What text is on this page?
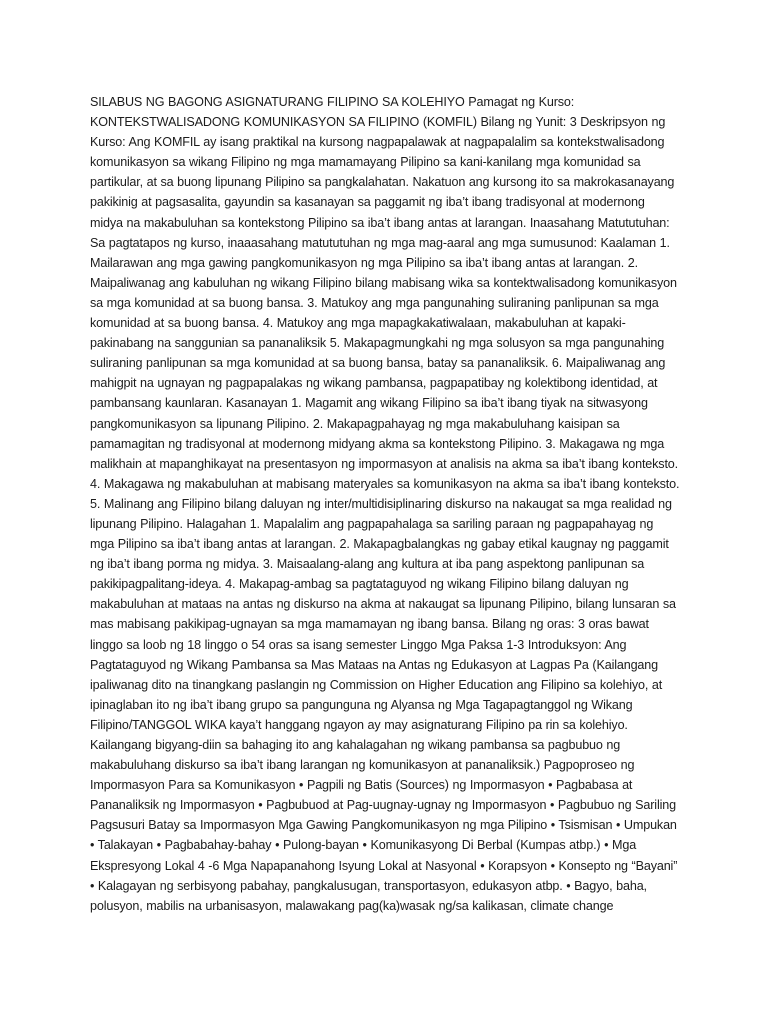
SILABUS NG BAGONG ASIGNATURANG FILIPINO SA KOLEHIYO Pamagat ng Kurso: KONTEKSTWALISADONG KOMUNIKASYON SA FILIPINO (KOMFIL) Bilang ng Yunit: 3 Deskripsyon ng Kurso: Ang KOMFIL ay isang praktikal na kursong nagpapalawak at nagpapalalim sa kontekstwalisadong komunikasyon sa wikang Filipino ng mga mamamayang Pilipino sa kani-kanilang mga komunidad sa partikular, at sa buong lipunang Pilipino sa pangkalahatan. Nakatuon ang kursong ito sa makrokasanayang pakikinig at pagsasalita, gayundin sa kasanayan sa paggamit ng iba’t ibang tradisyonal at modernong midya na makabuluhan sa kontekstong Pilipino sa iba’t ibang antas at larangan. Inaasahang Matututuhan: Sa pagtatapos ng kurso, inaaasahang matututuhan ng mga mag-aaral ang mga sumusunod: Kaalaman 1. Mailarawan ang mga gawing pangkomunikasyon ng mga Pilipino sa iba’t ibang antas at larangan. 2. Maipaliwanag ang kabuluhan ng wikang Filipino bilang mabisang wika sa kontektwalisadong komunikasyon sa mga komunidad at sa buong bansa. 3. Matukoy ang mga pangunahing suliraning panlipunan sa mga komunidad at sa buong bansa. 4. Matukoy ang mga mapagkakatiwalaan, makabuluhan at kapaki-pakinabang na sanggunian sa pananaliksik 5. Makapagmungkahi ng mga solusyon sa mga pangunahing suliraning panlipunan sa mga komunidad at sa buong bansa, batay sa pananaliksik. 6. Maipaliwanag ang mahigpit na ugnayan ng pagpapalakas ng wikang pambansa, pagpapatibay ng kolektibong identidad, at pambansang kaunlaran. Kasanayan 1. Magamit ang wikang Filipino sa iba’t ibang tiyak na sitwasyong pangkomunikasyon sa lipunang Pilipino. 2. Makapagpahayag ng mga makabuluhang kaisipan sa pamamagitan ng tradisyonal at modernong midyang akma sa kontekstong Pilipino. 3. Makagawa ng mga malikhain at mapanghikayat na presentasyon ng impormasyon at analisis na akma sa iba’t ibang konteksto. 4. Makagawa ng makabuluhan at mabisang materyales sa komunikasyon na akma sa iba’t ibang konteksto. 5. Malinang ang Filipino bilang daluyan ng inter/multidisiplinaring diskurso na nakaugat sa mga realidad ng lipunang Pilipino. Halagahan 1. Mapalalim ang pagpapahalaga sa sariling paraan ng pagpapahayag ng mga Pilipino sa iba’t ibang antas at larangan. 2. Makapagbalangkas ng gabay etikal kaugnay ng paggamit ng iba’t ibang porma ng midya. 3. Maisaalang-alang ang kultura at iba pang aspektong panlipunan sa pakikipagpalitang-ideya. 4. Makapag-ambag sa pagtataguyod ng wikang Filipino bilang daluyan ng makabuluhan at mataas na antas ng diskurso na akma at nakaugat sa lipunang Pilipino, bilang lunsaran sa mas mabisang pakikipag-ugnayan sa mga mamamayan ng ibang bansa. Bilang ng oras: 3 oras bawat linggo sa loob ng 18 linggo o 54 oras sa isang semester Linggo Mga Paksa 1-3 Introduksyon: Ang Pagtataguyod ng Wikang Pambansa sa Mas Mataas na Antas ng Edukasyon at Lagpas Pa (Kailangang ipaliwanag dito na tinangkang paslangin ng Commission on Higher Education ang Filipino sa kolehiyo, at ipinaglaban ito ng iba’t ibang grupo sa pangunguna ng Alyansa ng Mga Tagapagtanggol ng Wikang Filipino/TANGGOL WIKA kaya’t hanggang ngayon ay may asignaturang Filipino pa rin sa kolehiyo. Kailangang bigyang-diin sa bahaging ito ang kahalagahan ng wikang pambansa sa pagbubuo ng makabuluhang diskurso sa iba’t ibang larangan ng komunikasyon at pananaliksik.) Pagpoproseo ng Impormasyon Para sa Komunikasyon • Pagpili ng Batis (Sources) ng Impormasyon • Pagbabasa at Pananaliksik ng Impormasyon • Pagbubuod at Pag-uugnay-ugnay ng Impormasyon • Pagbubuo ng Sariling Pagsusuri Batay sa Impormasyon Mga Gawing Pangkomunikasyon ng mga Pilipino • Tsismisan • Umpukan • Talakayan • Pagbabahay-bahay • Pulong-bayan • Komunikasyong Di Berbal (Kumpas atbp.) • Mga Ekspresyong Lokal 4 -6 Mga Napapanahong Isyung Lokal at Nasyonal • Korapsyon • Konsepto ng “Bayani” • Kalagayan ng serbisyong pabahay, pangkalusugan, transportasyon, edukasyon atbp. • Bagyo, baha, polusyon, mabilis na urbanisasyon, malawakang pag(ka)wasak ng/sa kalikasan, climate change
